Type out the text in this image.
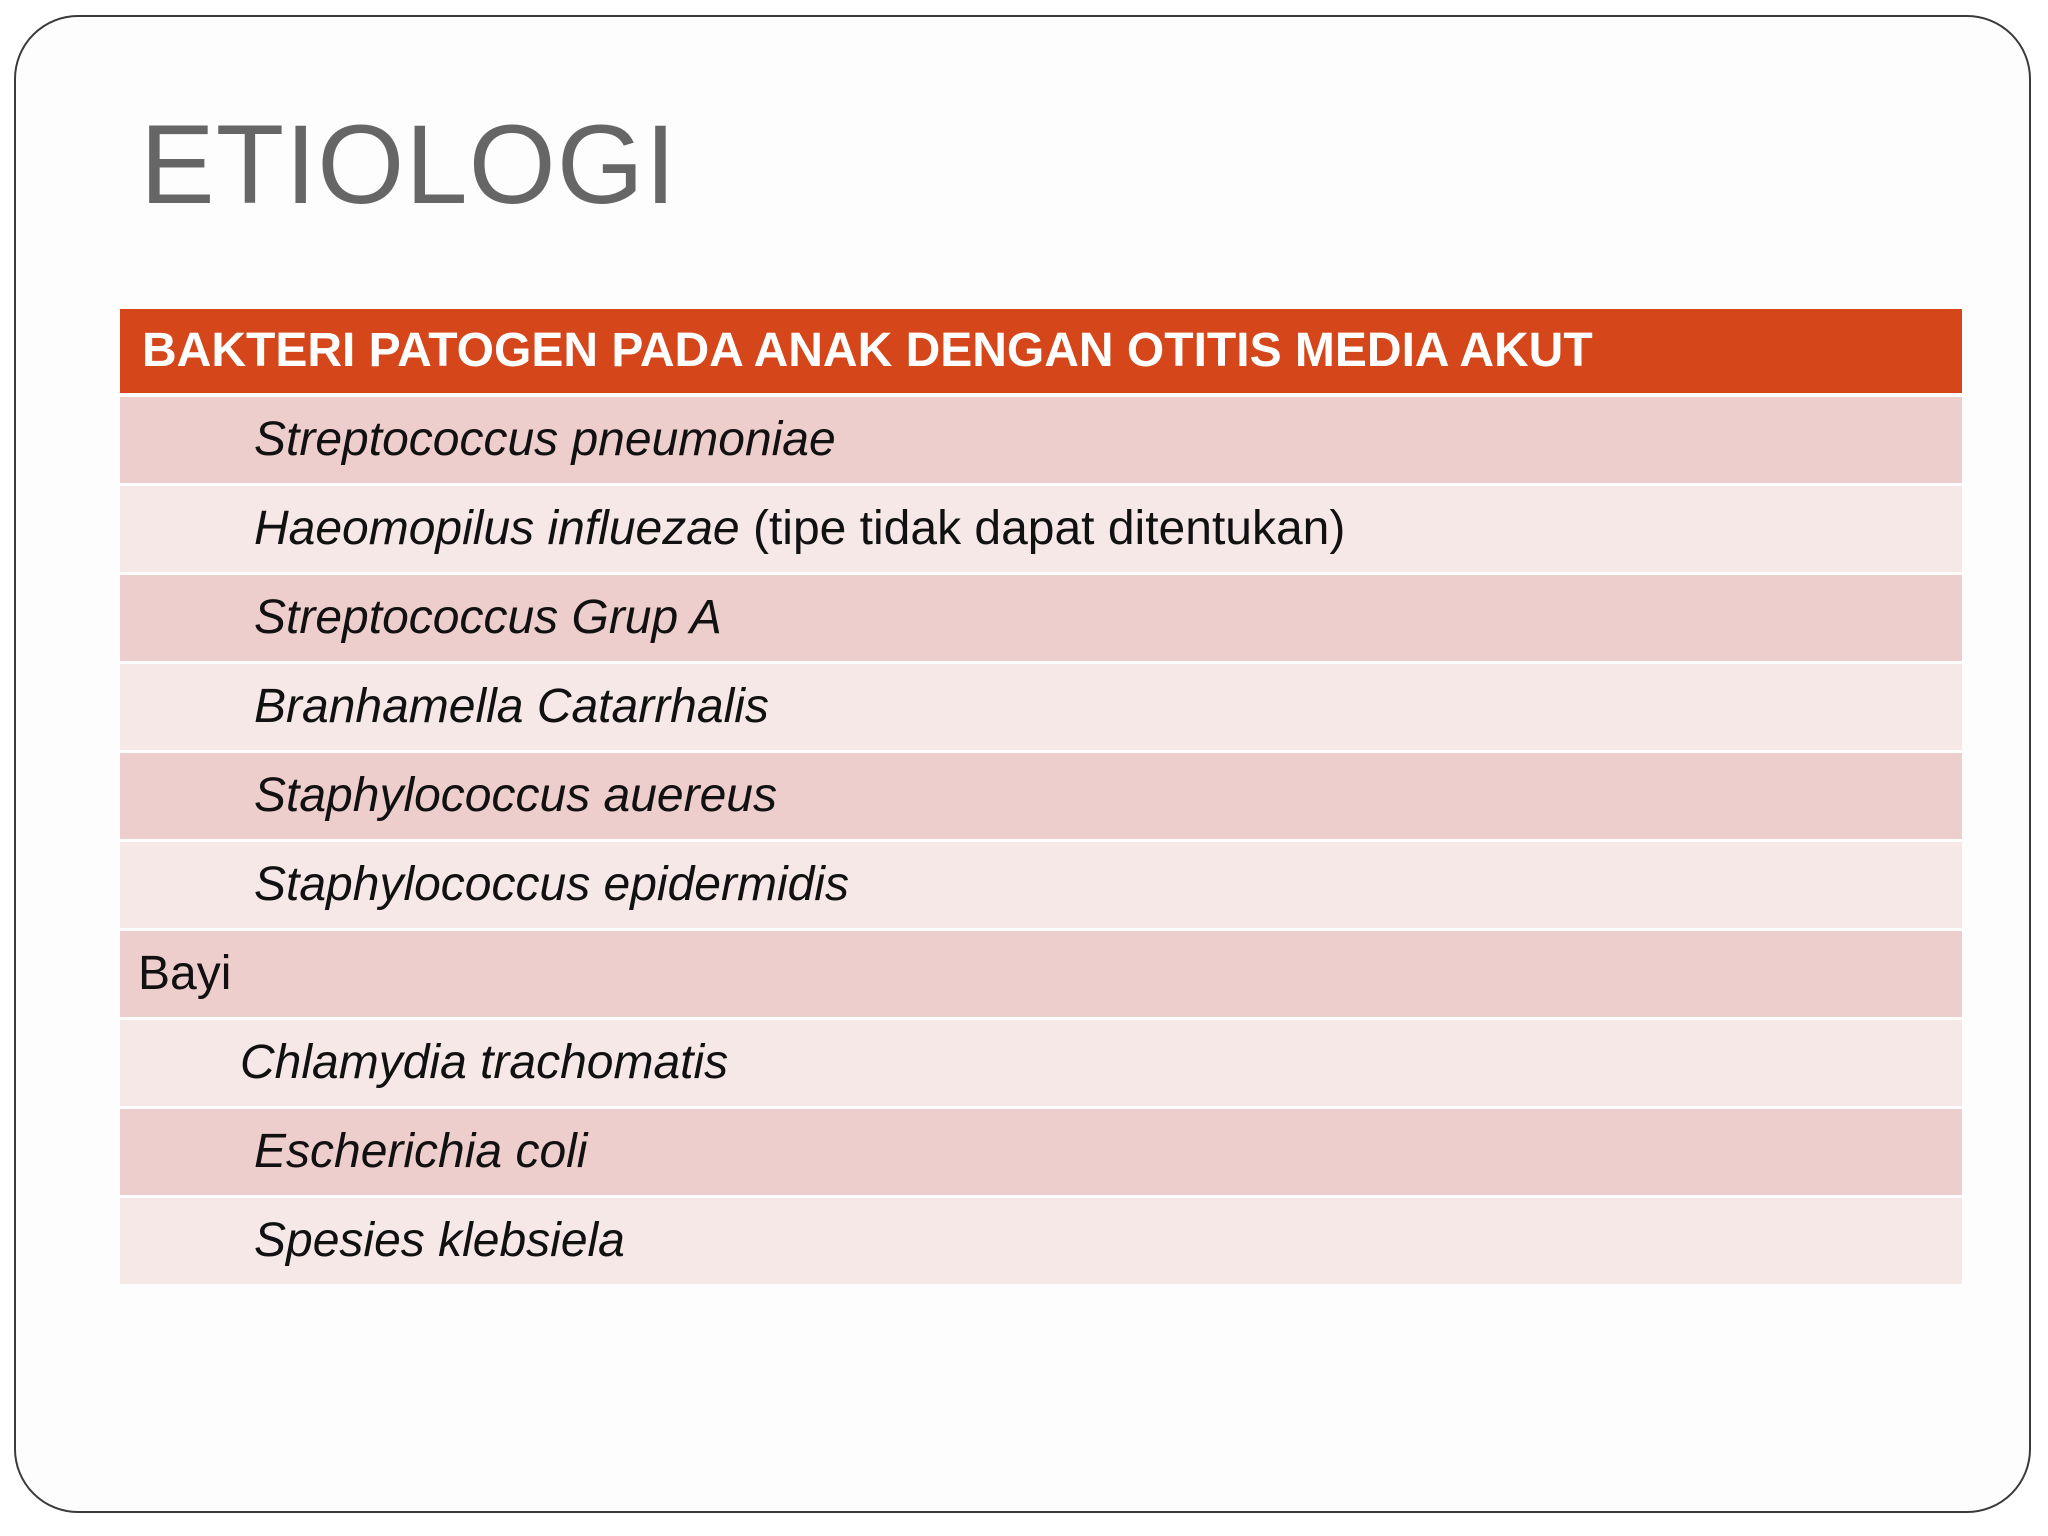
ETIOLOGI
BAKTERI PATOGEN PADA ANAK DENGAN OTITIS MEDIA AKUT
Streptococcus pneumoniae
Haeomopilus influezae (tipe tidak dapat ditentukan)
Streptococcus Grup A
Branhamella Catarrhalis
Staphylococcus auereus
Staphylococcus epidermidis
Bayi
Chlamydia trachomatis
Escherichia coli
Spesies klebsiela
